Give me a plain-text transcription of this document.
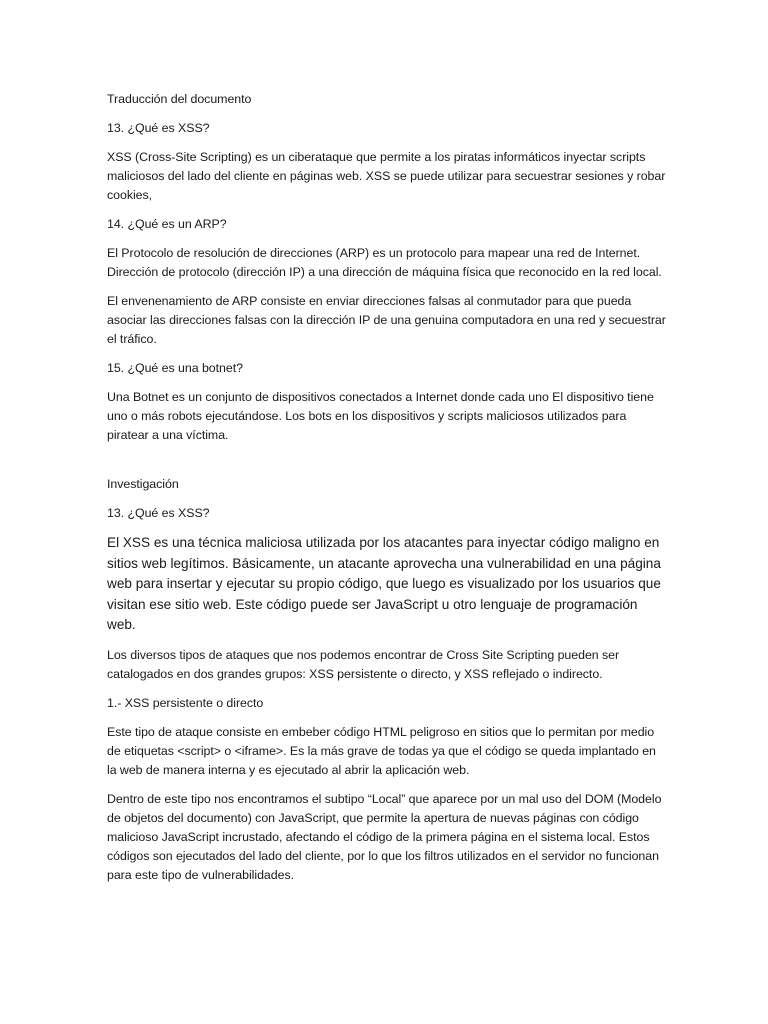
Traducción del documento

13. ¿Qué es XSS?

XSS (Cross-Site Scripting) es un ciberataque que permite a los piratas informáticos inyectar scripts maliciosos del lado del cliente en páginas web. XSS se puede utilizar para secuestrar sesiones y robar cookies,

14. ¿Qué es un ARP?

El Protocolo de resolución de direcciones (ARP) es un protocolo para mapear una red de Internet. Dirección de protocolo (dirección IP) a una dirección de máquina física que reconocido en la red local.

El envenenamiento de ARP consiste en enviar direcciones falsas al conmutador para que pueda asociar las direcciones falsas con la dirección IP de una genuina computadora en una red y secuestrar el tráfico.

15. ¿Qué es una botnet?

Una Botnet es un conjunto de dispositivos conectados a Internet donde cada uno El dispositivo tiene uno o más robots ejecutándose. Los bots en los dispositivos y scripts maliciosos utilizados para piratear a una víctima.

Investigación

13. ¿Qué es XSS?

El XSS es una técnica maliciosa utilizada por los atacantes para inyectar código maligno en sitios web legítimos. Básicamente, un atacante aprovecha una vulnerabilidad en una página web para insertar y ejecutar su propio código, que luego es visualizado por los usuarios que visitan ese sitio web. Este código puede ser JavaScript u otro lenguaje de programación web.

Los diversos tipos de ataques que nos podemos encontrar de Cross Site Scripting pueden ser catalogados en dos grandes grupos: XSS persistente o directo, y XSS reflejado o indirecto.

1.- XSS persistente o directo

Este tipo de ataque consiste en embeber código HTML peligroso en sitios que lo permitan por medio de etiquetas <script> o <iframe>. Es la más grave de todas ya que el código se queda implantado en la web de manera interna y es ejecutado al abrir la aplicación web.

Dentro de este tipo nos encontramos el subtipo “Local” que aparece por un mal uso del DOM (Modelo de objetos del documento) con JavaScript, que permite la apertura de nuevas páginas con código malicioso JavaScript incrustado, afectando el código de la primera página en el sistema local. Estos códigos son ejecutados del lado del cliente, por lo que los filtros utilizados en el servidor no funcionan para este tipo de vulnerabilidades.
